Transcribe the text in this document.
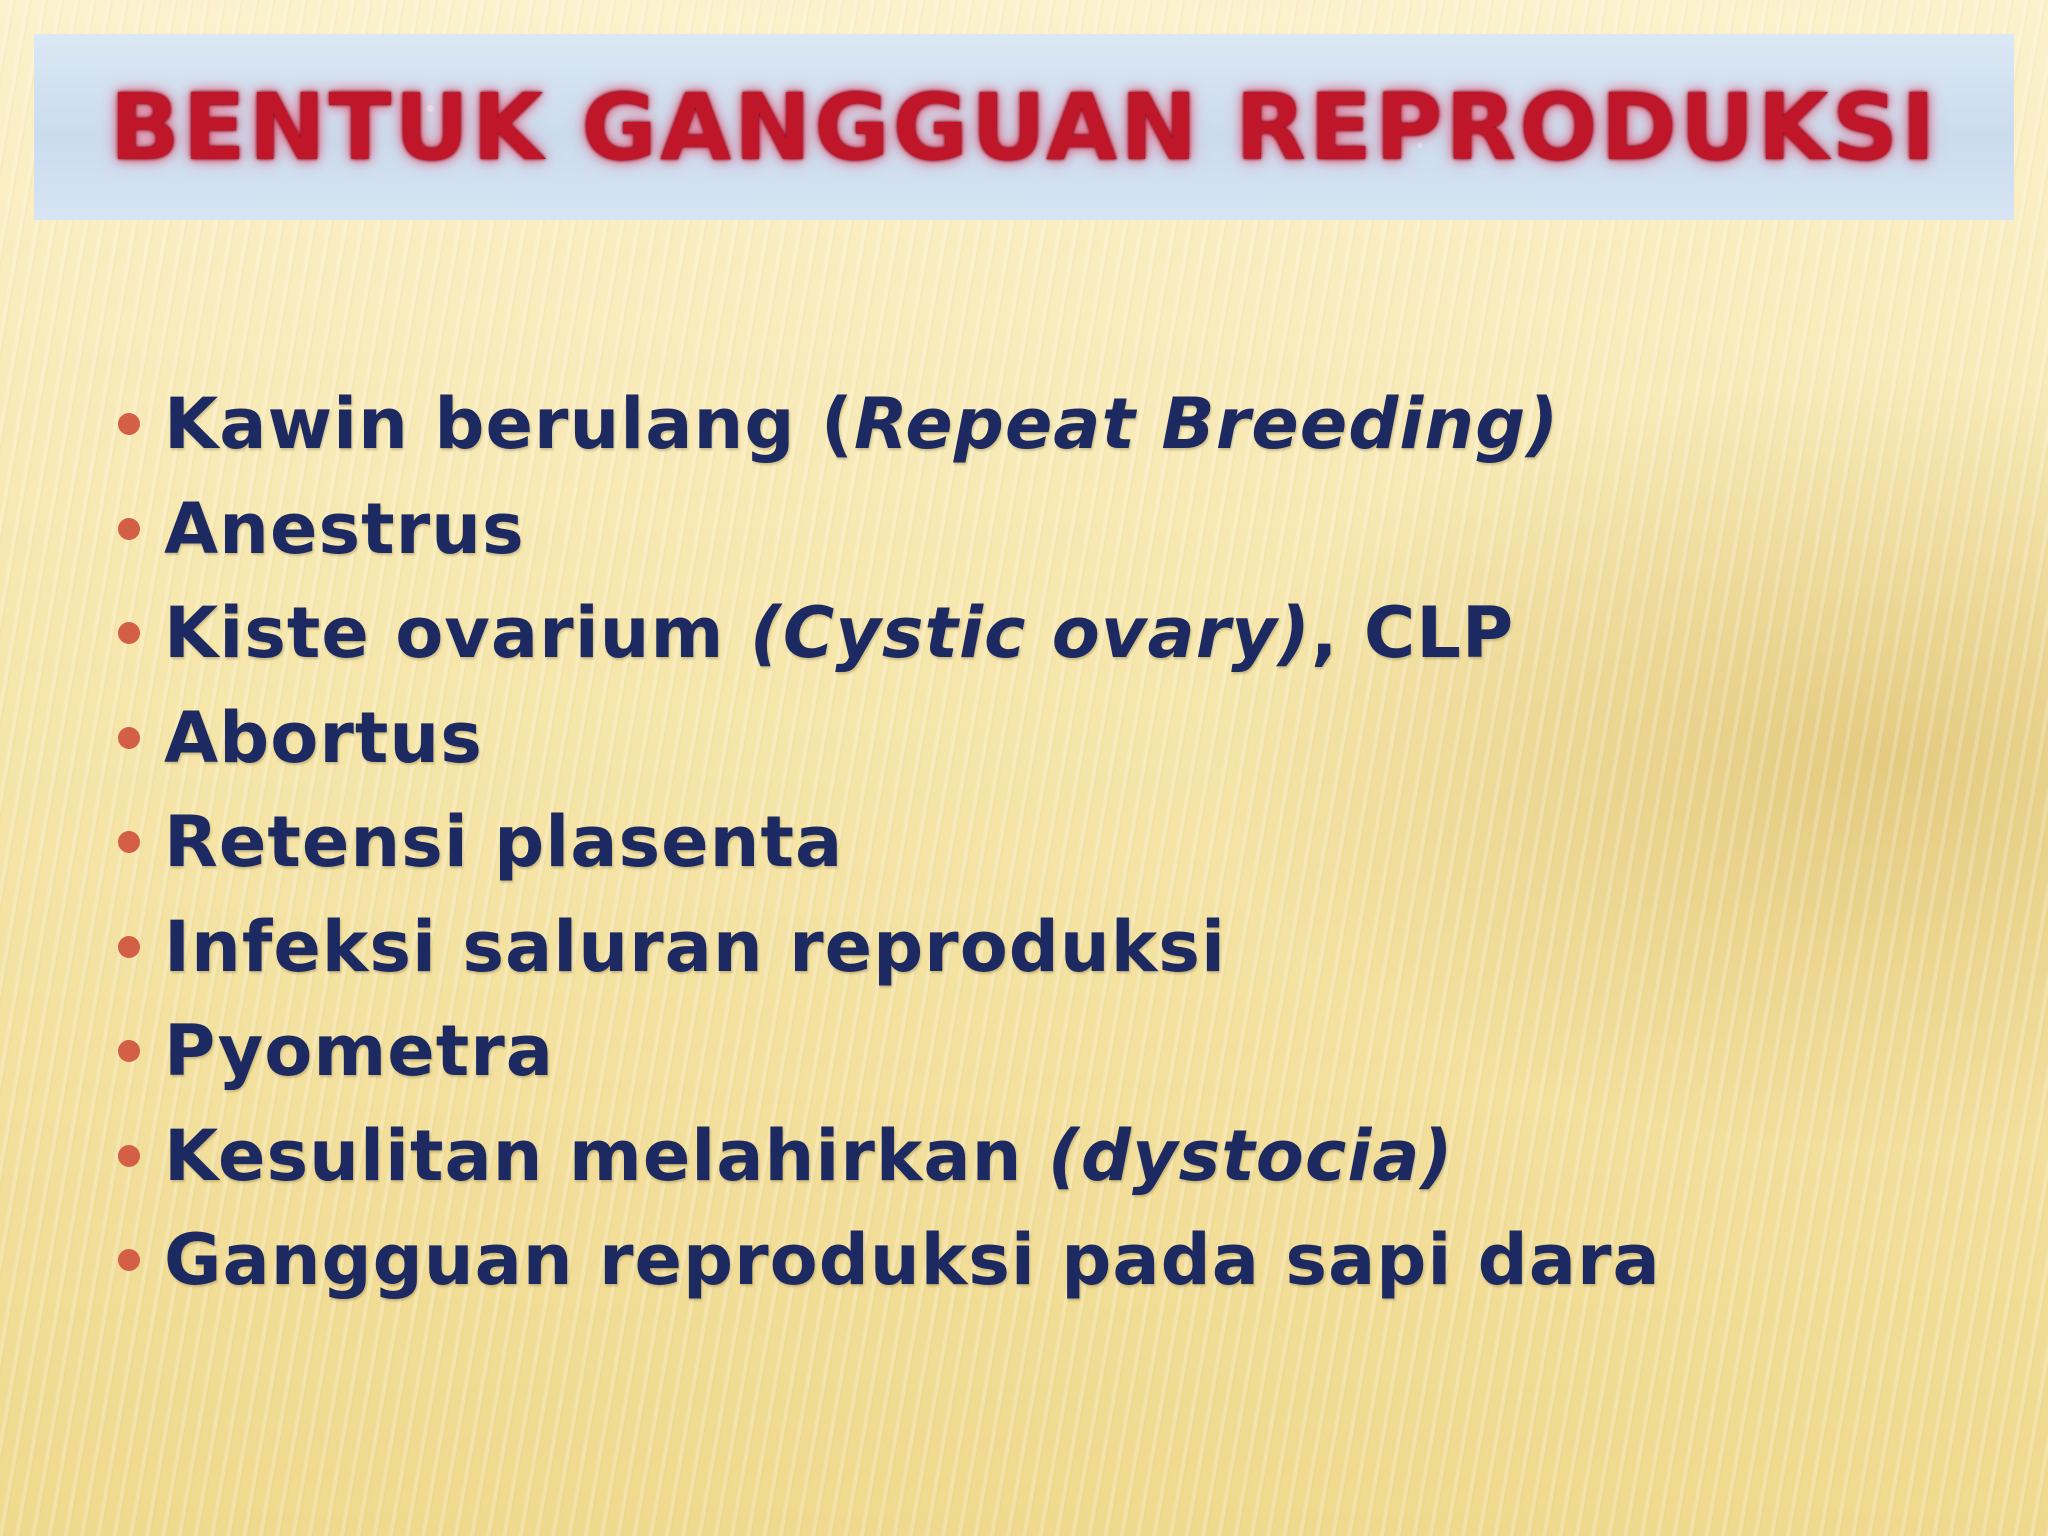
BENTUK GANGGUAN REPRODUKSI
Kawin berulang (Repeat Breeding)
Anestrus
Kiste ovarium (Cystic ovary), CLP
Abortus
Retensi plasenta
Infeksi saluran reproduksi
Pyometra
Kesulitan melahirkan (dystocia)
Gangguan reproduksi pada sapi dara
